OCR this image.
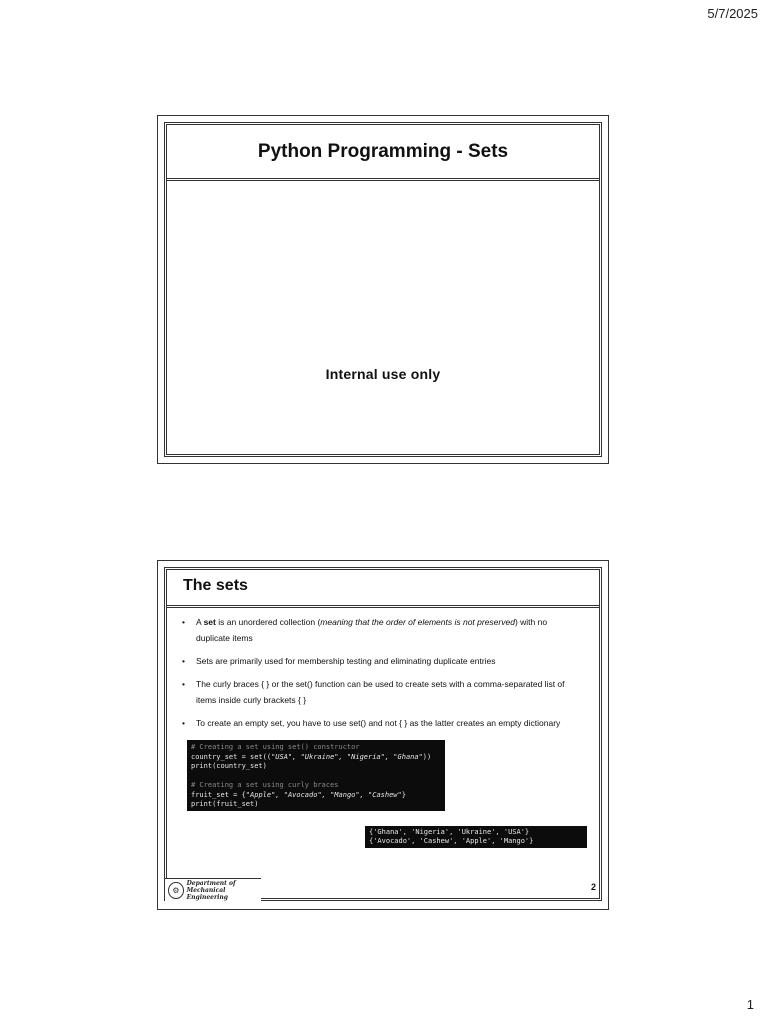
5/7/2025
Python Programming - Sets
Internal use only
The sets
• A set is an unordered collection (meaning that the order of elements is not preserved) with no duplicate items
• Sets are primarily used for membership testing and eliminating duplicate entries
• The curly braces { } or the set() function can be used to create sets with a comma-separated list of items inside curly brackets { }
• To create an empty set, you have to use set() and not { } as the latter creates an empty dictionary
# Creating a set using set() constructor
country_set = set(("USA", "Ukraine", "Nigeria", "Ghana"))
print(country_set)
# Creating a set using curly braces
fruit_set = {"Apple", "Avocado", "Mango", "Cashew"}
print(fruit_set)
{'Ghana', 'Nigeria', 'Ukraine', 'USA'}
{'Avocado', 'Cashew', 'Apple', 'Mango'}
2
⚙
Department of
Mechanical Engineering
1
